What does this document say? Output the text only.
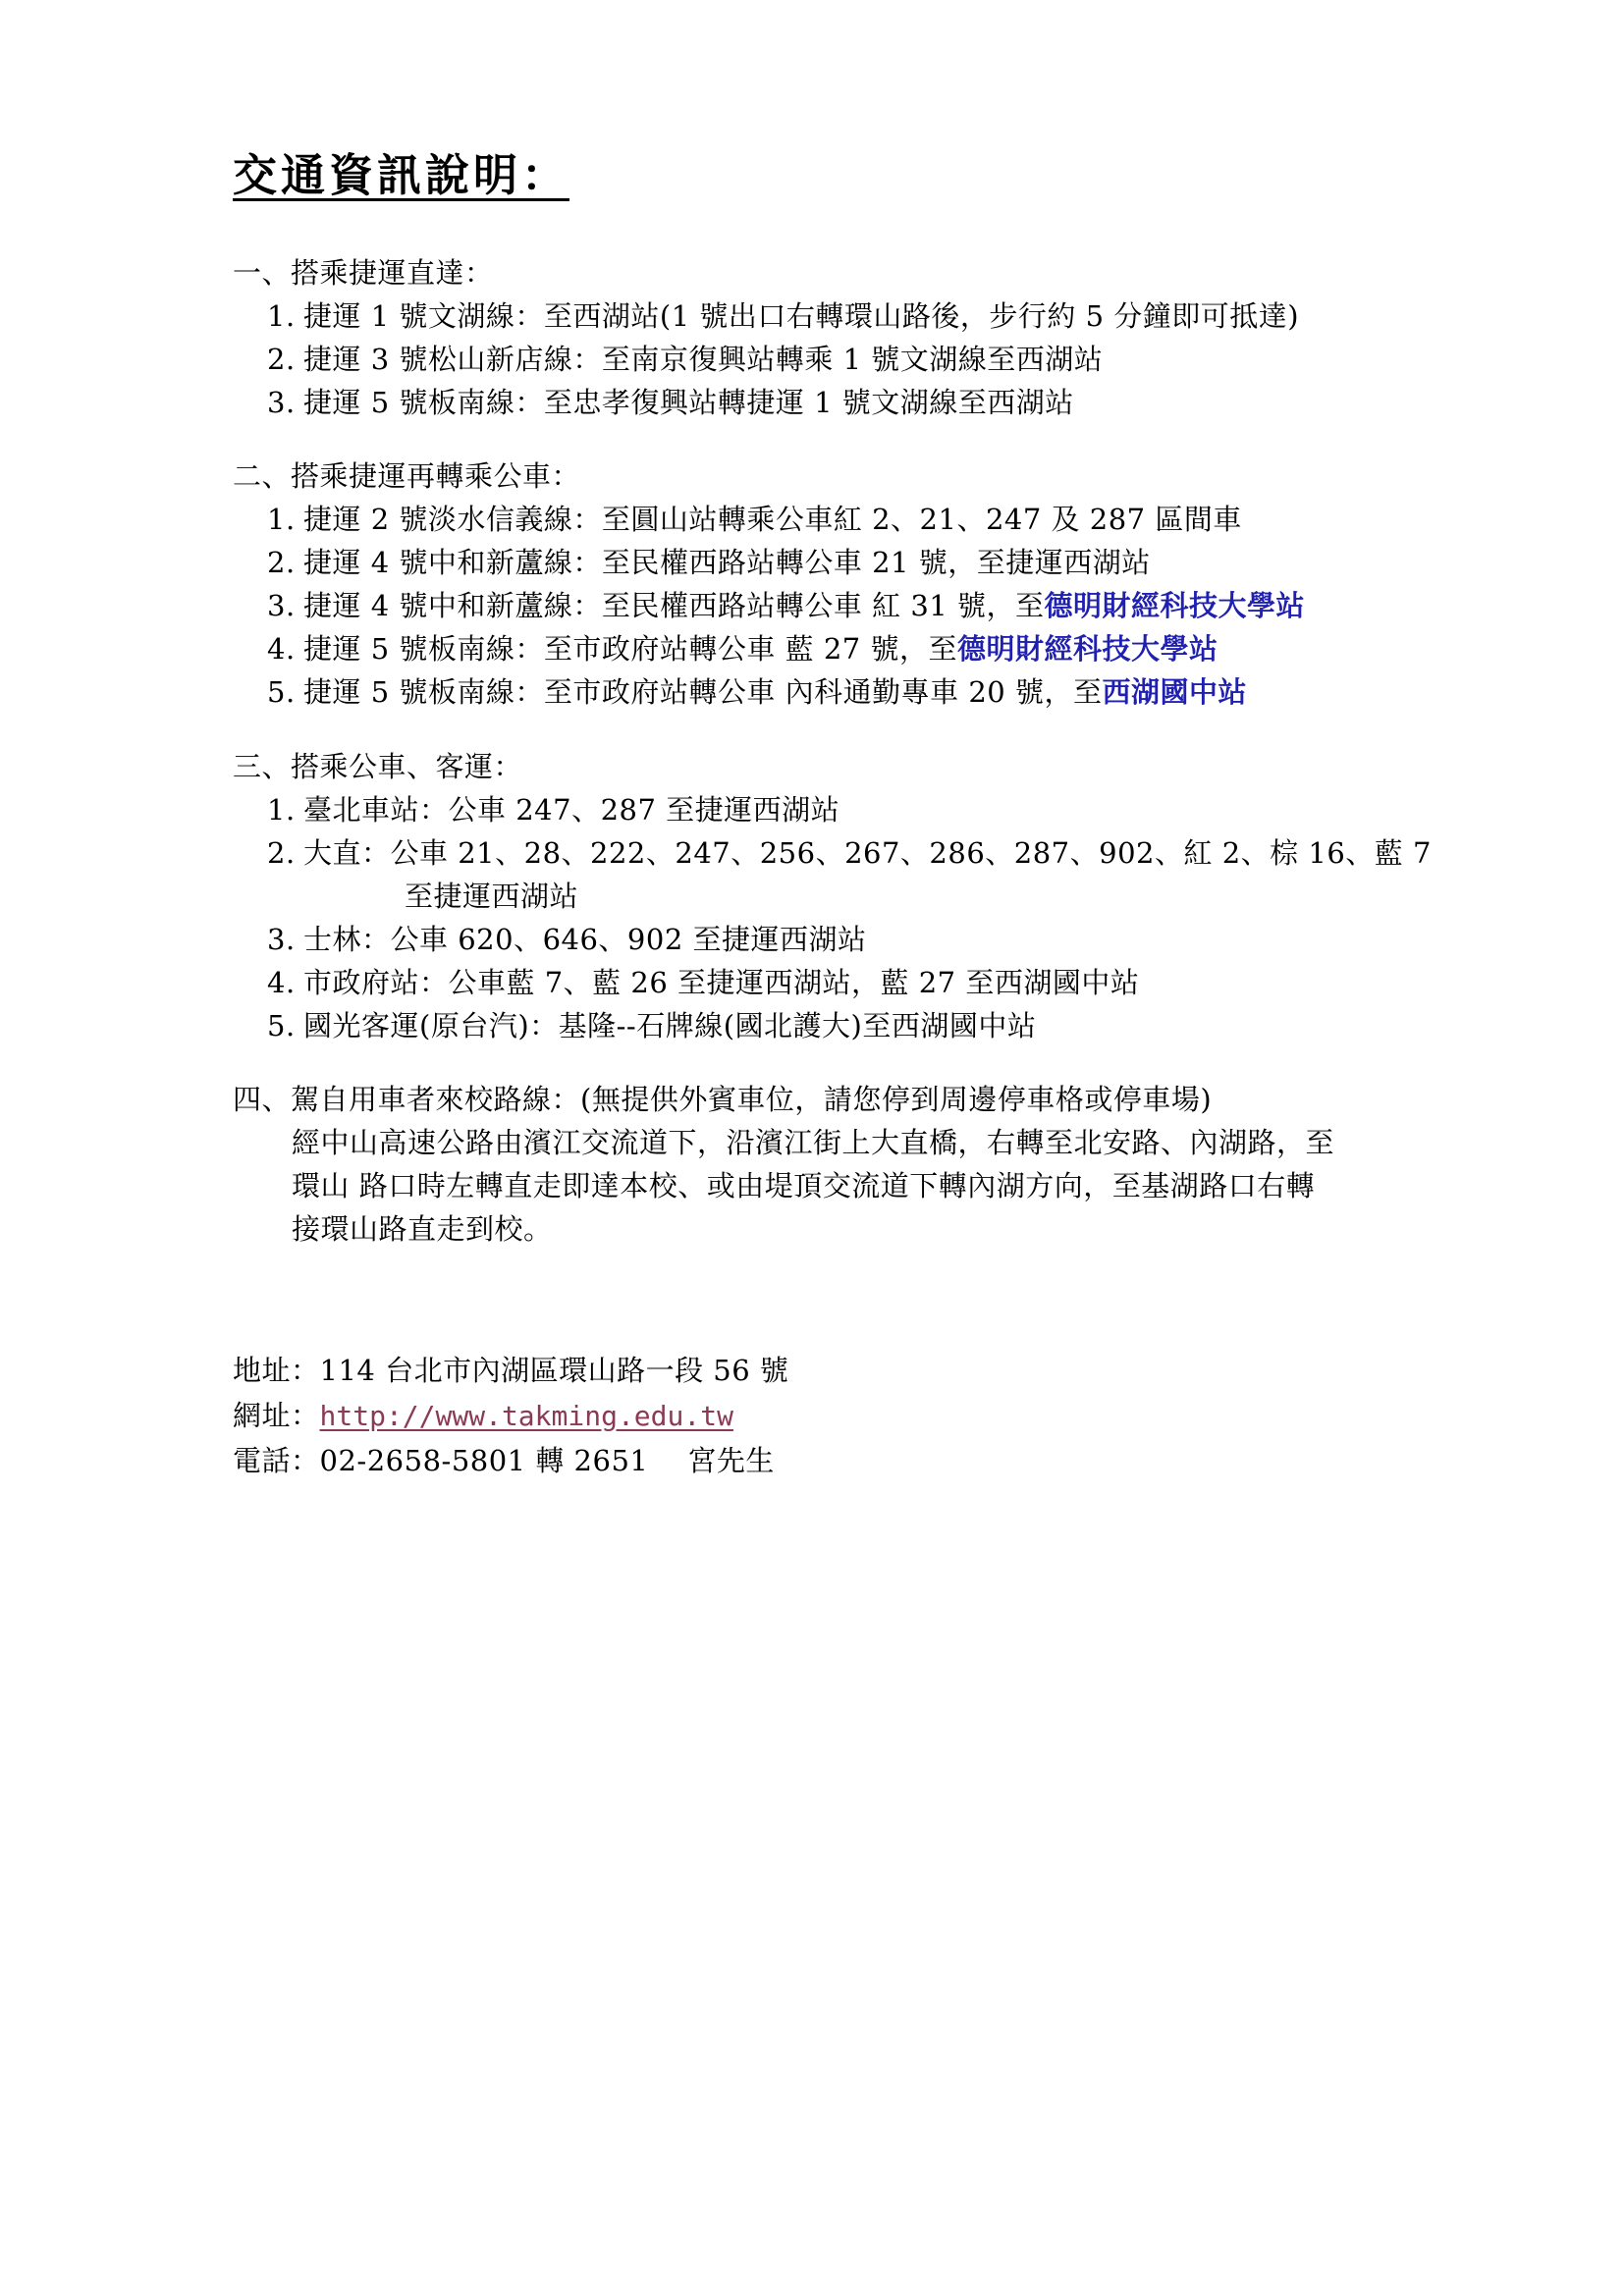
交通資訊說明：
一、搭乘捷運直達：
1. 捷運 1 號文湖線：至西湖站(1 號出口右轉環山路後，步行約 5 分鐘即可抵達)
2. 捷運 3 號松山新店線：至南京復興站轉乘 1 號文湖線至西湖站
3. 捷運 5 號板南線：至忠孝復興站轉捷運 1 號文湖線至西湖站
二、搭乘捷運再轉乘公車：
1. 捷運 2 號淡水信義線：至圓山站轉乘公車紅 2、21、247 及 287 區間車
2. 捷運 4 號中和新蘆線：至民權西路站轉公車 21 號，至捷運西湖站
3. 捷運 4 號中和新蘆線：至民權西路站轉公車 紅 31 號，至德明財經科技大學站
4. 捷運 5 號板南線：至市政府站轉公車 藍 27 號，至德明財經科技大學站
5. 捷運 5 號板南線：至市政府站轉公車 內科通勤專車 20 號，至西湖國中站
三、搭乘公車、客運：
1. 臺北車站：公車 247、287 至捷運西湖站
2. 大直：公車 21、28、222、247、256、267、286、287、902、紅 2、棕 16、藍 7
至捷運西湖站
3. 士林：公車 620、646、902 至捷運西湖站
4. 市政府站：公車藍 7、藍 26 至捷運西湖站，藍 27 至西湖國中站
5. 國光客運(原台汽)：基隆--石牌線(國北護大)至西湖國中站
四、駕自用車者來校路線：(無提供外賓車位，請您停到周邊停車格或停車場)
經中山高速公路由濱江交流道下，沿濱江街上大直橋，右轉至北安路、內湖路，至
環山 路口時左轉直走即達本校、或由堤頂交流道下轉內湖方向，至基湖路口右轉
接環山路直走到校。
地址：114 台北市內湖區環山路一段 56 號
網址：http://www.takming.edu.tw
電話：02-2658-5801 轉 2651 宮先生
